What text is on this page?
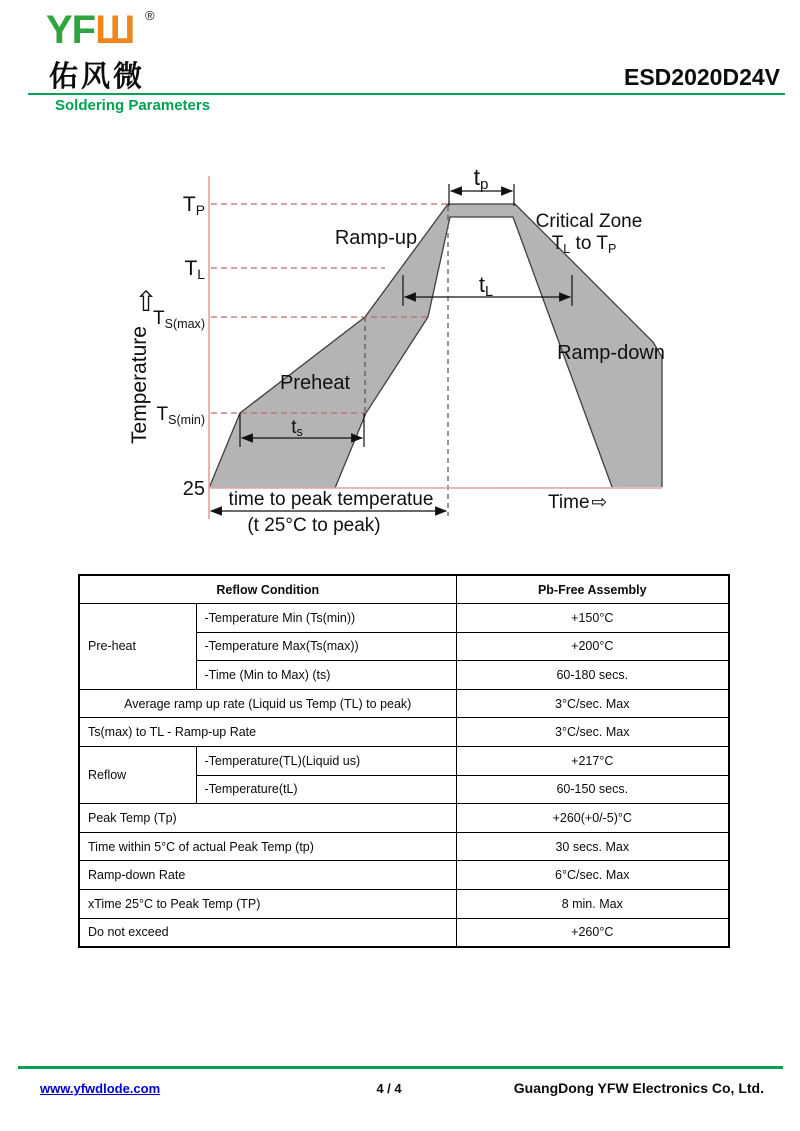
YFШ ®
佑风微	ESD2020D24V
Soldering Parameters
TP
TL
$T_{S(max)}$
$T_{S(min)}$
25
tp
tL
ts
Ramp-up
Critical Zone
$T_L$ to $T_P$
Ramp-down
Preheat
time to peak temperatue
(t 25°C to peak)
Time ⇨
⇧
Temperature
Reflow Condition		Pb-Free Assembly
Pre-heat	-Temperature Min (Ts(min))	+150°C
	-Temperature Max(Ts(max))	+200°C
	-Time (Min to Max) (ts)	60-180 secs.
Average ramp up rate (Liquid us Temp (TL) to peak)		3°C/sec. Max
Ts(max) to TL - Ramp-up Rate		3°C/sec. Max
Reflow	-Temperature(TL)(Liquid us)	+217°C
	-Temperature(tL)	60-150 secs.
Peak Temp (Tp)		+260(+0/-5)°C
Time within 5°C of actual Peak Temp (tp)		30 secs. Max
Ramp-down Rate		6°C/sec. Max
xTime 25°C to Peak Temp (TP)		8 min. Max
Do not exceed		+260°C
www.yfwdlode.com	4 / 4	GuangDong YFW Electronics Co, Ltd.
